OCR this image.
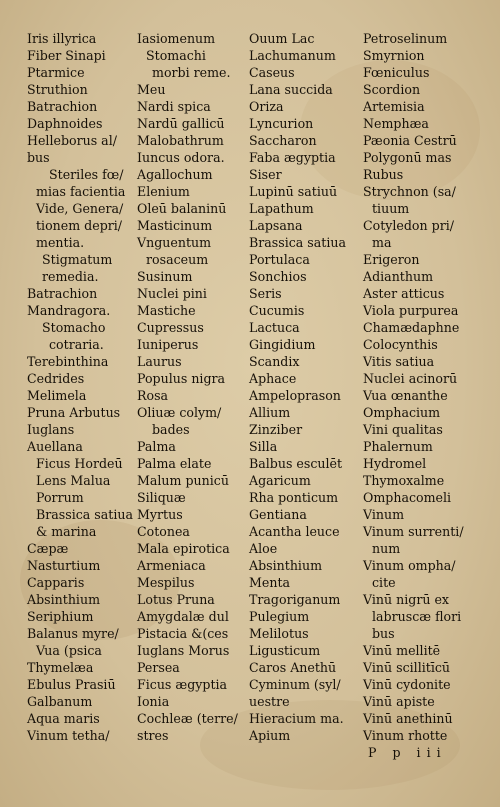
Iris illyrica
Fiber Sinapi
Ptarmice
Struthion
Batrachion
Daphnoides
Helleborus al/
bus
Steriles fœ/
mias facientia
Vide, Genera/
tionem depri/
mentia.
Stigmatum
remedia.
Batrachion
Mandragora.
Stomacho
cotraria.
Terebinthina
Cedrides
Melimela
Pruna Arbutus
Iuglans
Auellana
Ficus Hordeū
Lens Malua
Porrum
Brassica satiua
& marina
Cæpæ
Nasturtium
Capparis
Absinthium
Seriphium
Balanus myre/
Vua (psica
Thymelæa
Ebulus Prasiū
Galbanum
Aqua maris
Vinum tetha/
Iasiomenum
Stomachi
morbi reme.
Meu
Nardi spica
Nardū gallicū
Malobathrum
Iuncus odora.
Agallochum
Elenium
Oleū balaninū
Masticinum
Vnguentum
rosaceum
Susinum
Nuclei pini
Mastiche
Cupressus
Iuniperus
Laurus
Populus nigra
Rosa
Oliuæ colym/
bades
Palma
Palma elate
Malum punicū
Siliquæ
Myrtus
Cotonea
Mala epirotica
Armeniaca
Mespilus
Lotus Pruna
Amygdalæ dul
Pistacia &(ces
Iuglans Morus
Persea
Ficus ægyptia
Ionia
Cochleæ (terre/
stres
Ouum Lac
Lachumanum
Caseus
Lana succida
Oriza
Lyncurion
Saccharon
Faba ægyptia
Siser
Lupinū satiuū
Lapathum
Lapsana
Brassica satiua
Portulaca
Sonchios
Seris
Cucumis
Lactuca
Gingidium
Scandix
Aphace
Ampeloprason
Allium
Zinziber
Silla
Balbus esculēt
Agaricum
Rha ponticum
Gentiana
Acantha leuce
Aloe
Absinthium
Menta
Tragoriganum
Pulegium
Melilotus
Ligusticum
Caros Anethū
Cyminum (syl/
uestre
Hieracium ma.
Apium
Petroselinum
Smyrnion
Fœniculus
Scordion
Artemisia
Nemphæa
Pæonia Cestrū
Polygonū mas
Rubus
Strychnon (sa/
tiuum
Cotyledon pri/
ma
Erigeron
Adianthum
Aster atticus
Viola purpurea
Chamædaphne
Colocynthis
Vitis satiua
Nuclei acinorū
Vua œnanthe
Omphacium
Vini qualitas
Phalernum
Hydromel
Thymoxalme
Omphacomeli
Vinum
Vinum surrenti/
num
Vinum ompha/
cite
Vinū nigrū ex
labruscæ flori
bus
Vinū mellitē
Vinū scillitīcū
Vinū cydonite
Vinū apiste
Vinū anethinū
Vinum rhotte
P p iii
